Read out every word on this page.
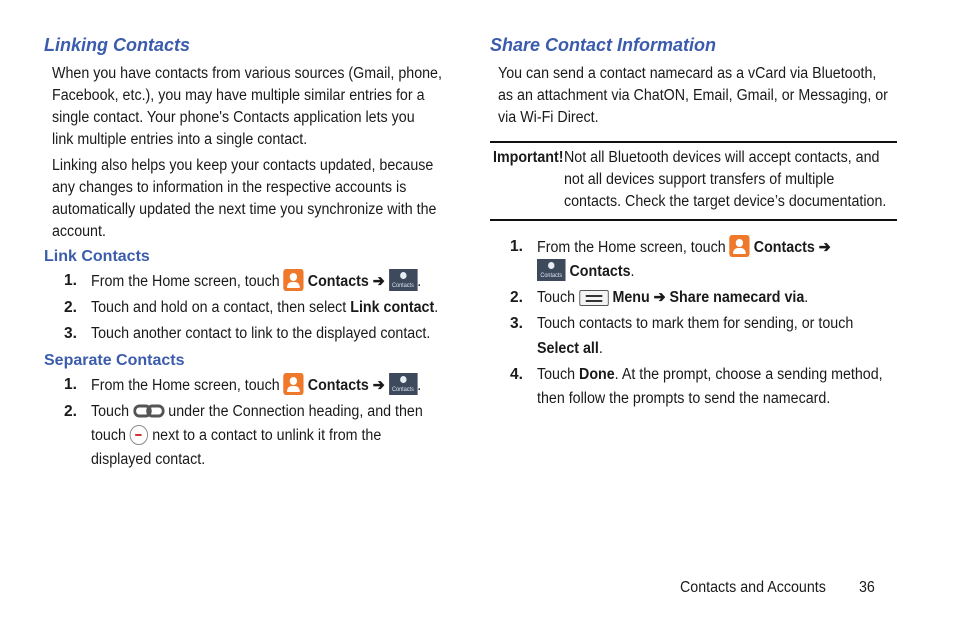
Linking Contacts
When you have contacts from various sources (Gmail, phone,
Facebook, etc.), you may have multiple similar entries for a
single contact. Your phone's Contacts application lets you
link multiple entries into a single contact.
Linking also helps you keep your contacts updated, because
any changes to information in the respective accounts is
automatically updated the next time you synchronize with the
account.
Link Contacts
1. From the Home screen, touch Contacts ➔	Contacts .
2. Touch and hold on a contact, then select Link contact.
3. Touch another contact to link to the displayed contact.
Separate Contacts
1. From the Home screen, touch Contacts ➔	Contacts .
2. Touch	under the Connection heading, and then
touch next to a contact to unlink it from the
displayed contact.
Share Contact Information
You can send a contact namecard as a vCard via Bluetooth,
as an attachment via ChatON, Email, Gmail, or Messaging, or
via Wi-Fi Direct.
Important! Not all Bluetooth devices will accept contacts, and
not all devices support transfers of multiple
contacts. Check the target device’s documentation.
1. From the Home screen, touch Contacts ➔
Contacts Contacts.
2. Touch Menu ➔ Share namecard via.
3. Touch contacts to mark them for sending, or touch
Select all.
4. Touch Done. At the prompt, choose a sending method,
then follow the prompts to send the namecard.
Contacts and Accounts 36
